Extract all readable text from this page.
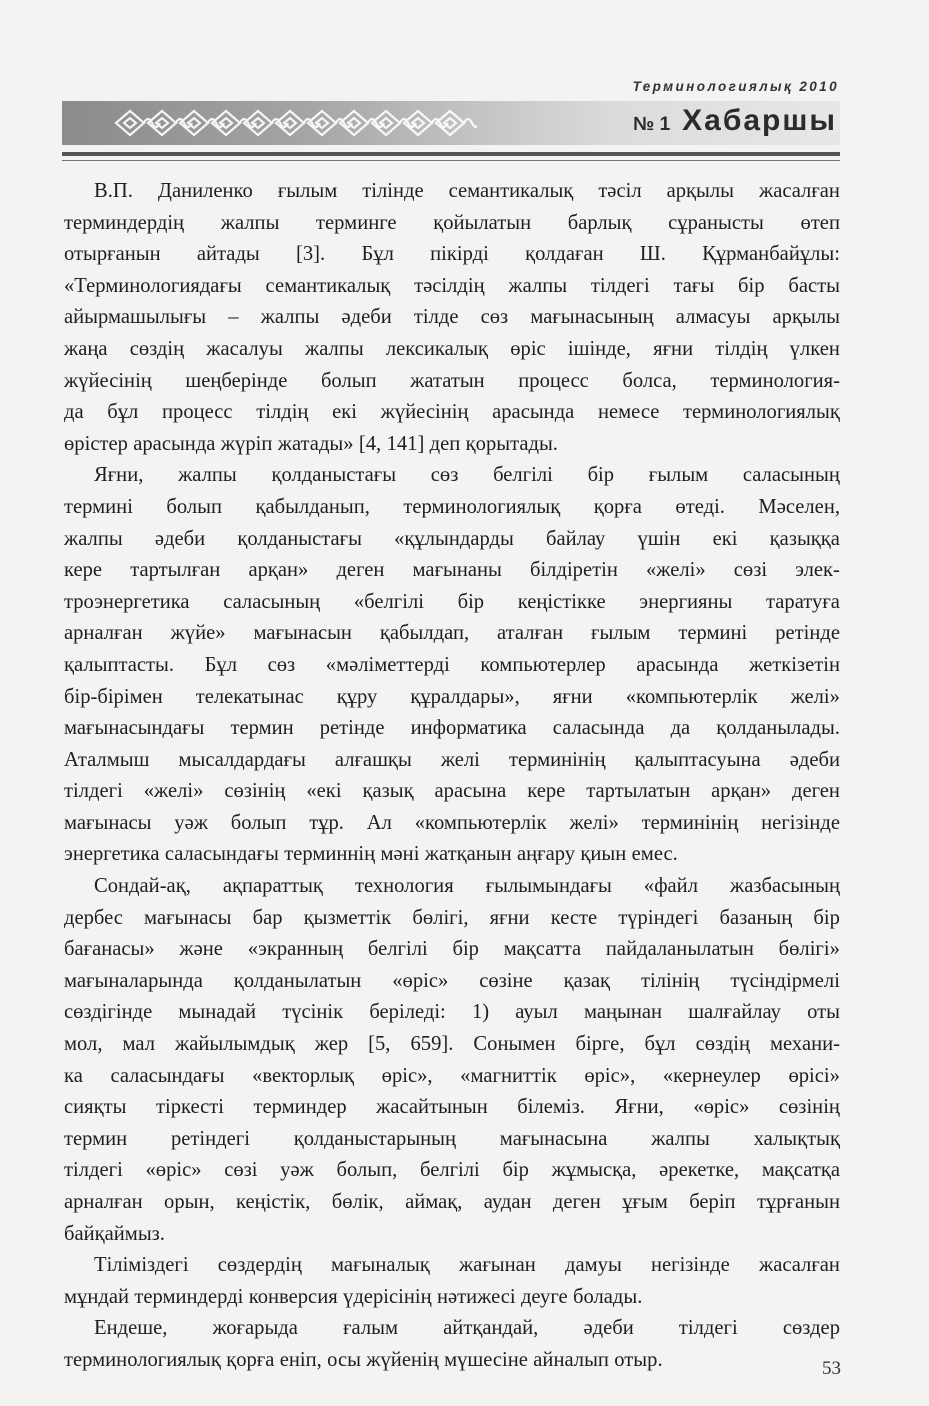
Терминологиялық 2010
№ 1 Хабаршы
В.П. Даниленко ғылым тілінде семантикалық тәсіл арқылы жасалған
терминдердің жалпы терминге қойылатын барлық сұранысты өтеп
отырғанын айтады [3]. Бұл пікірді қолдаған Ш. Құрманбайұлы:
«Терминологиядағы семантикалық тәсілдің жалпы тілдегі тағы бір басты
айырмашылығы – жалпы әдеби тілде сөз мағынасының алмасуы арқылы
жаңа сөздің жасалуы жалпы лексикалық өріс ішінде, яғни тілдің үлкен
жүйесінің шеңберінде болып жататын процесс болса, терминология-
да бұл процесс тілдің екі жүйесінің арасында немесе терминологиялық
өрістер арасында жүріп жатады» [4, 141] деп қорытады.
Яғни, жалпы қолданыстағы сөз белгілі бір ғылым саласының
термині болып қабылданып, терминологиялық қорға өтеді. Мәселен,
жалпы әдеби қолданыстағы «құлындарды байлау үшін екі қазыққа
кере тартылған арқан» деген мағынаны білдіретін «желі» сөзі элек-
троэнергетика саласының «белгілі бір кеңістікке энергияны таратуға
арналған жүйе» мағынасын қабылдап, аталған ғылым термині ретінде
қалыптасты. Бұл сөз «мәліметтерді компьютерлер арасында жеткізетін
бір-бірімен телекатынас құру құралдары», яғни «компьютерлік желі»
мағынасындағы термин ретінде информатика саласында да қолданылады.
Аталмыш мысалдардағы алғашқы желі терминінің қалыптасуына әдеби
тілдегі «желі» сөзінің «екі қазық арасына кере тартылатын арқан» деген
мағынасы уәж болып тұр. Ал «компьютерлік желі» терминінің негізінде
энергетика саласындағы терминнің мәні жатқанын аңғару қиын емес.
Сондай-ақ, ақпараттық технология ғылымындағы «файл жазбасының
дербес мағынасы бар қызметтік бөлігі, яғни кесте түріндегі базаның бір
бағанасы» және «экранның белгілі бір мақсатта пайдаланылатын бөлігі»
мағыналарында қолданылатын «өріс» сөзіне қазақ тілінің түсіндірмелі
сөздігінде мынадай түсінік беріледі: 1) ауыл маңынан шалғайлау оты
мол, мал жайылымдық жер [5, 659]. Сонымен бірге, бұл сөздің механи-
ка саласындағы «векторлық өріс», «магниттік өріс», «кернеулер өрісі»
сияқты тіркесті терминдер жасайтынын білеміз. Яғни, «өріс» сөзінің
термин ретіндегі қолданыстарының мағынасына жалпы халықтық
тілдегі «өріс» сөзі уәж болып, белгілі бір жұмысқа, әрекетке, мақсатқа
арналған орын, кеңістік, бөлік, аймақ, аудан деген ұғым беріп тұрғанын
байқаймыз.
Тіліміздегі сөздердің мағыналық жағынан дамуы негізінде жасалған
мұндай терминдерді конверсия үдерісінің нәтижесі деуге болады.
Ендеше, жоғарыда ғалым айтқандай, әдеби тілдегі сөздер
терминологиялық қорға еніп, осы жүйенің мүшесіне айналып отыр.	53
